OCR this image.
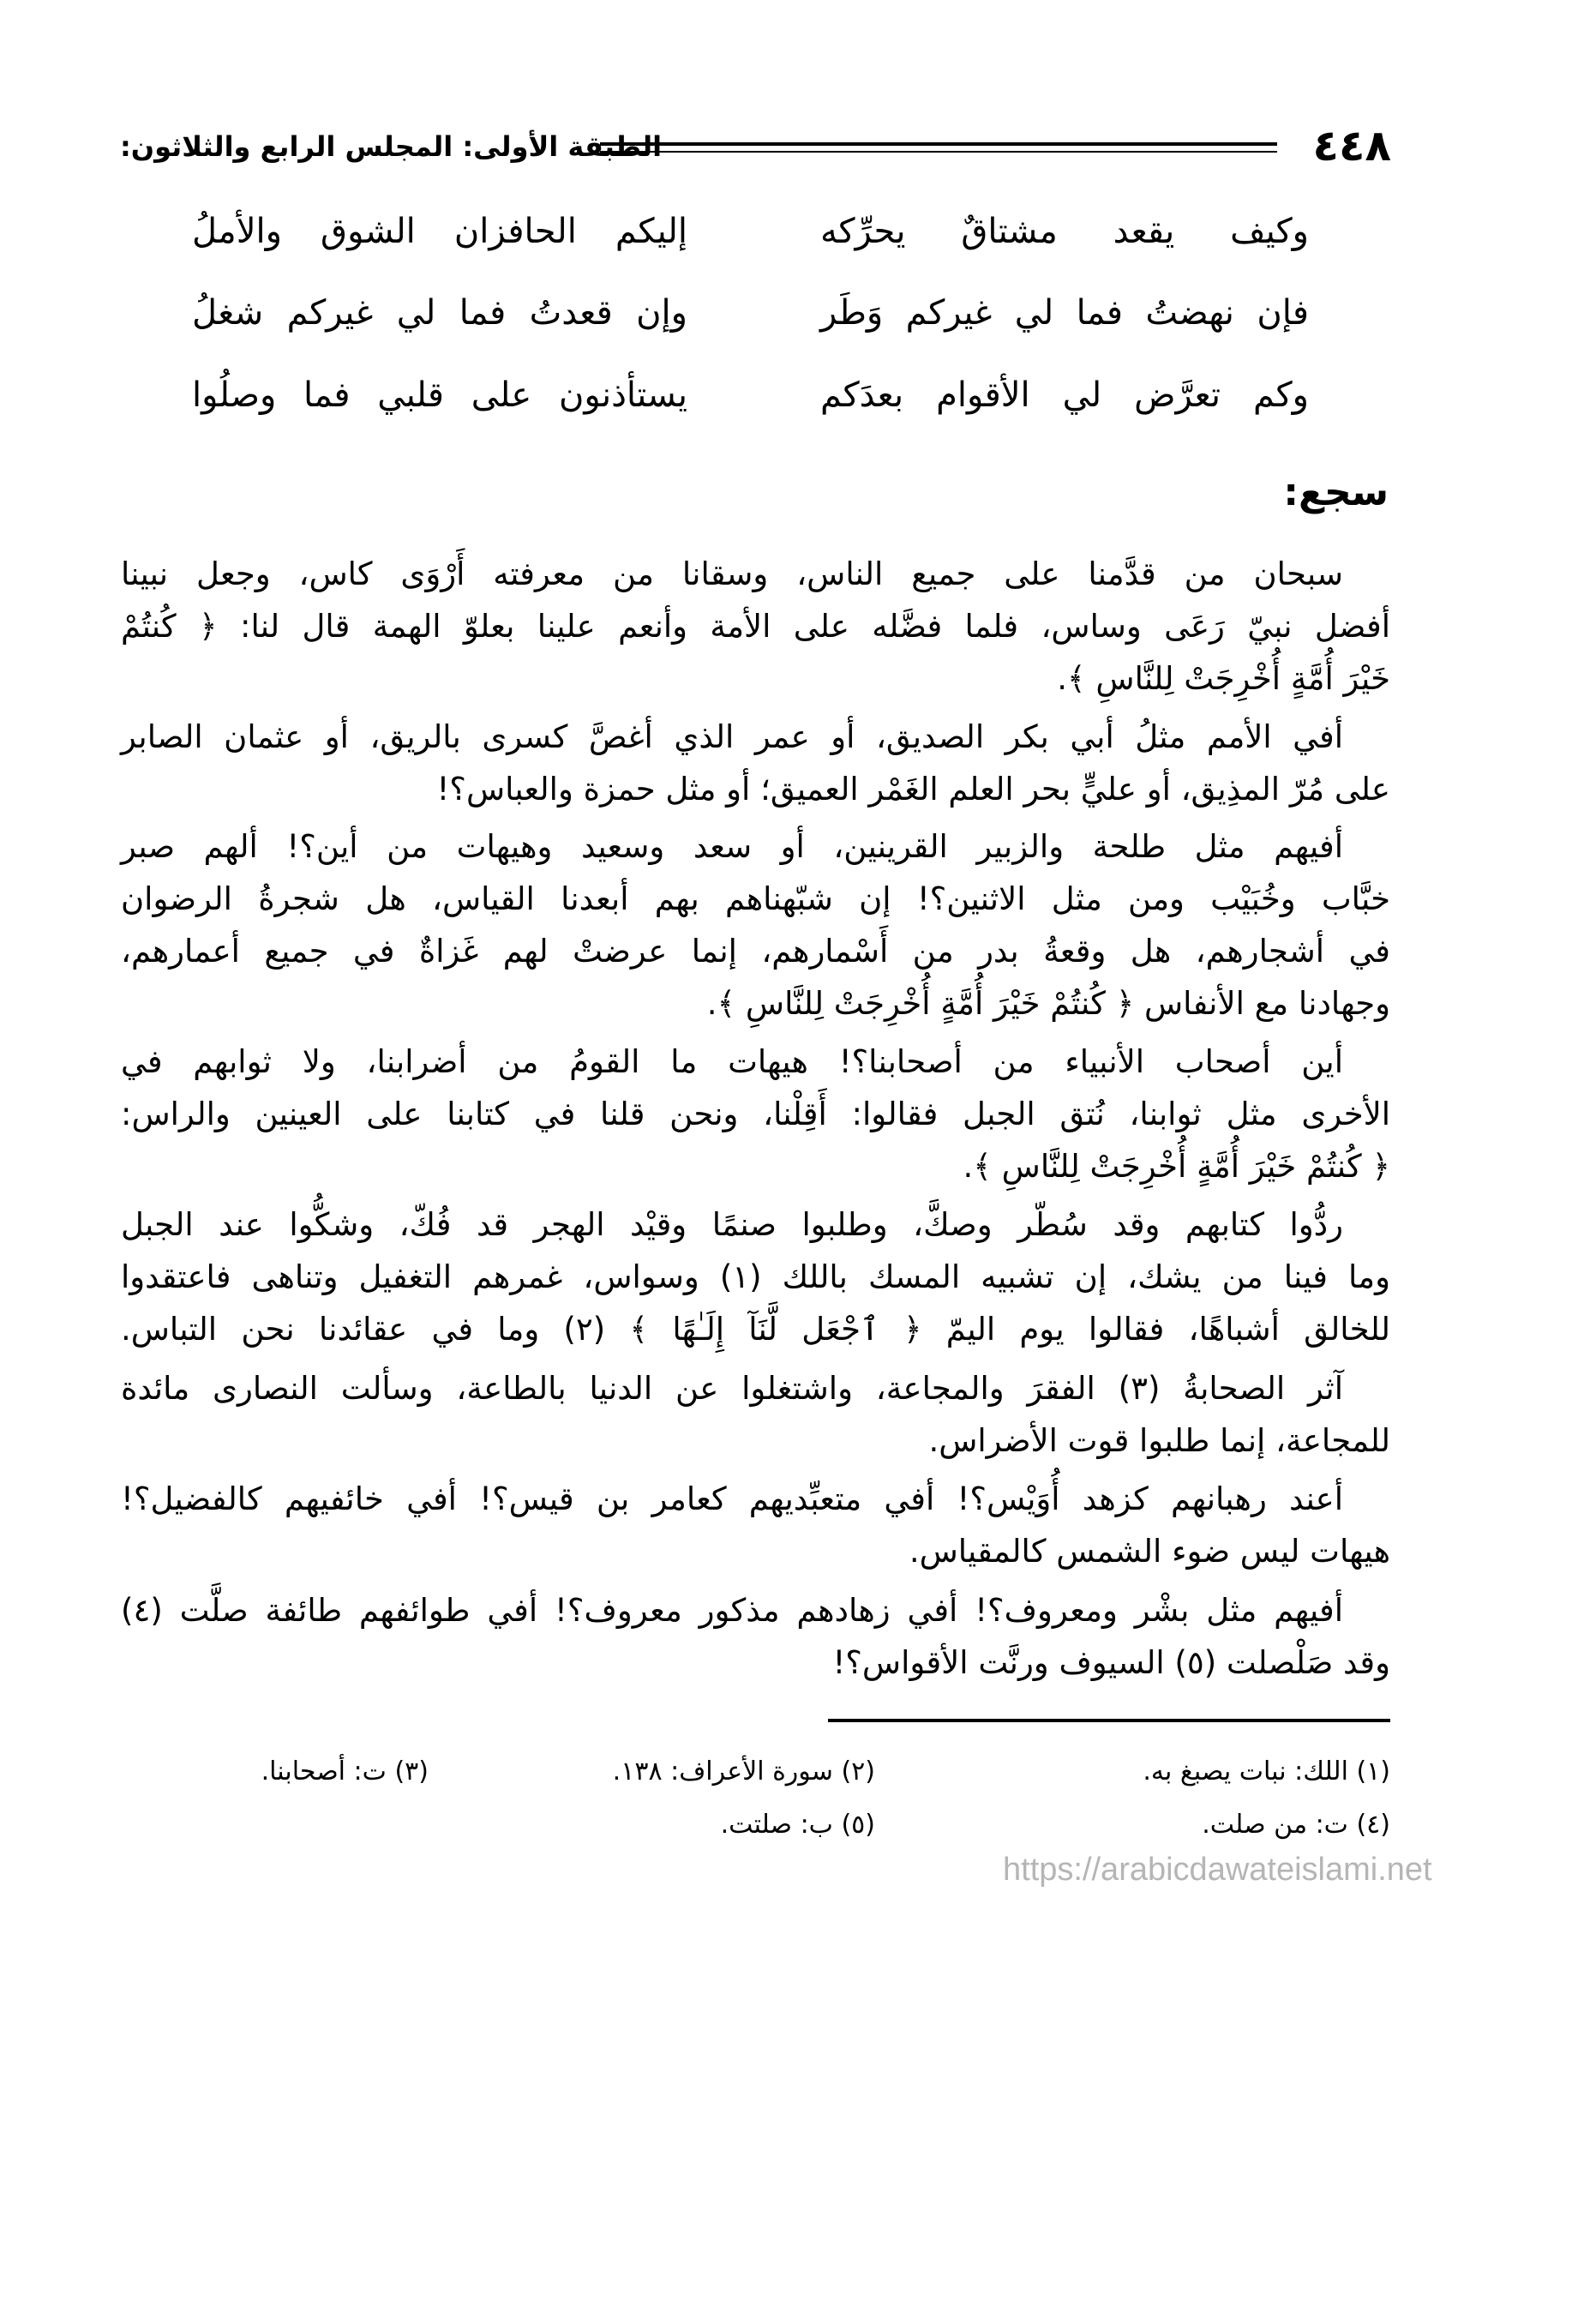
٤٤٨
الطبقة الأولى: المجلس الرابع والثلاثون:
وكيف يقعد مشتاقٌ يحرِّكه
إليكم الحافزان الشوق والأملُ
فإن نهضتُ فما لي غيركم وَطَر
وإن قعدتُ فما لي غيركم شغلُ
وكم تعرَّض لي الأقوام بعدَكم
يستأذنون على قلبي فما وصلُوا
سجع:
سبحان من قدَّمنا على جميع الناس، وسقانا من معرفته أَرْوَى كاس، وجعل نبينا
أفضل نبيّ رَعَى وساس، فلما فضَّله على الأمة وأنعم علينا بعلوّ الهمة قال لنا: ﴿ كُنتُمْ
خَيْرَ أُمَّةٍ أُخْرِجَتْ لِلنَّاسِ ﴾.
أفي الأمم مثلُ أبي بكر الصديق، أو عمر الذي أغصَّ كسرى بالريق، أو عثمان الصابر
على مُرّ المذِيق، أو عليٍّ بحر العلم الغَمْر العميق؛ أو مثل حمزة والعباس؟!
أفيهم مثل طلحة والزبير القرينين، أو سعد وسعيد وهيهات من أين؟! ألهم صبر
خبَّاب وخُبَيْب ومن مثل الاثنين؟! إن شبّهناهم بهم أبعدنا القياس، هل شجرةُ الرضوان
في أشجارهم، هل وقعةُ بدر من أَسْمارهم، إنما عرضتْ لهم غَزاةٌ في جميع أعمارهم،
وجهادنا مع الأنفاس ﴿ كُنتُمْ خَيْرَ أُمَّةٍ أُخْرِجَتْ لِلنَّاسِ ﴾.
أين أصحاب الأنبياء من أصحابنا؟! هيهات ما القومُ من أضرابنا، ولا ثوابهم في
الأخرى مثل ثوابنا، نُتق الجبل فقالوا: أَقِلْنا، ونحن قلنا في كتابنا على العينين والراس:
﴿ كُنتُمْ خَيْرَ أُمَّةٍ أُخْرِجَتْ لِلنَّاسِ ﴾.
ردُّوا كتابهم وقد سُطّر وصكَّ، وطلبوا صنمًا وقيْد الهجر قد فُكّ، وشكُّوا عند الجبل
وما فينا من يشك، إن تشبيه المسك باللك (١) وسواس، غمرهم التغفيل وتناهى فاعتقدوا
للخالق أشباهًا، فقالوا يوم اليمّ ﴿ ٱجْعَل لَّنَآ إِلَـٰهًا ﴾ (٢) وما في عقائدنا نحن التباس.
آثر الصحابةُ (٣) الفقرَ والمجاعة، واشتغلوا عن الدنيا بالطاعة، وسألت النصارى مائدة
للمجاعة، إنما طلبوا قوت الأضراس.
أعند رهبانهم كزهد أُوَيْس؟! أفي متعبِّديهم كعامر بن قيس؟! أفي خائفيهم كالفضيل؟!
هيهات ليس ضوء الشمس كالمقياس.
أفيهم مثل بشْر ومعروف؟! أفي زهادهم مذكور معروف؟! أفي طوائفهم طائفة صلَّت (٤)
وقد صَلْصلت (٥) السيوف ورنَّت الأقواس؟!
(١) اللك: نبات يصبغ به.
(٢) سورة الأعراف: ١٣٨.
(٣) ت: أصحابنا.
(٤) ت: من صلت.
(٥) ب: صلتت.
https://arabicdawateislami.net
